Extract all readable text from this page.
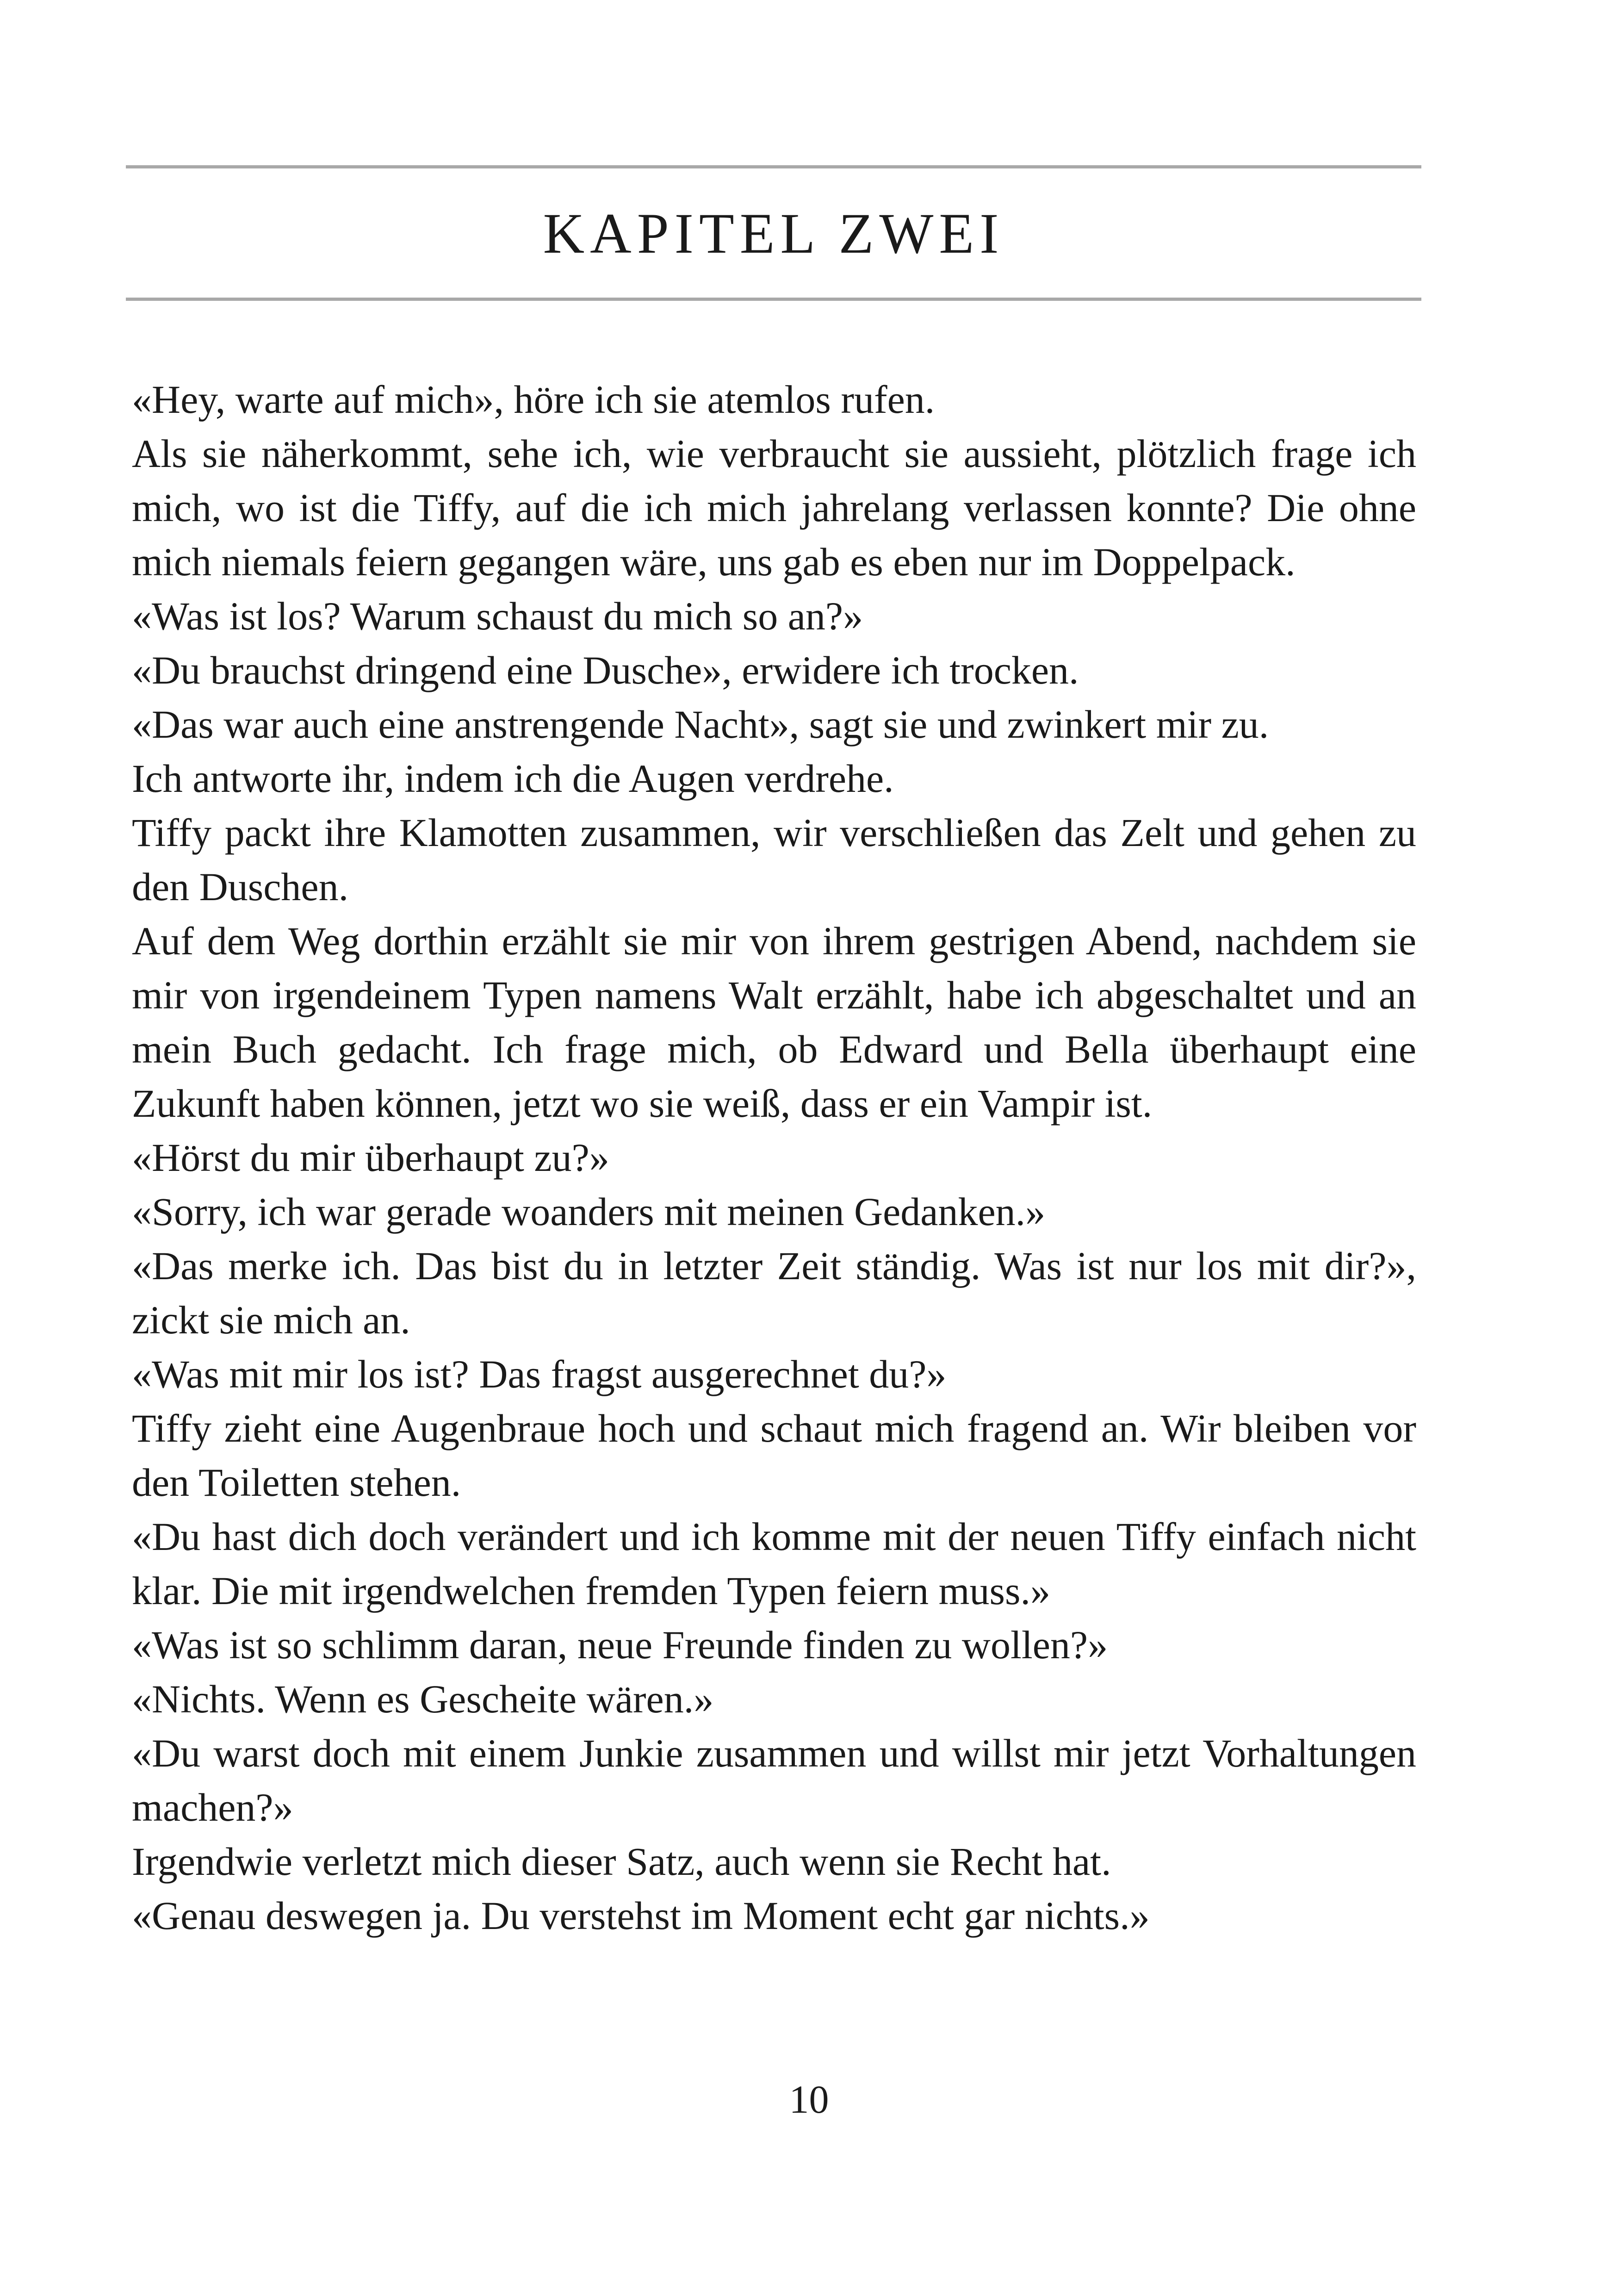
KAPITEL ZWEI

«Hey, warte auf mich», höre ich sie atemlos rufen.

Als sie näherkommt, sehe ich, wie verbraucht sie aussieht, plötzlich frage ich mich, wo ist die Tiffy, auf die ich mich jahrelang verlassen konnte? Die ohne mich niemals feiern gegangen wäre, uns gab es eben nur im Doppelpack.

«Was ist los? Warum schaust du mich so an?»

«Du brauchst dringend eine Dusche», erwidere ich trocken.

«Das war auch eine anstrengende Nacht», sagt sie und zwinkert mir zu.

Ich antworte ihr, indem ich die Augen verdrehe.

Tiffy packt ihre Klamotten zusammen, wir verschließen das Zelt und gehen zu den Duschen.

Auf dem Weg dorthin erzählt sie mir von ihrem gestrigen Abend, nachdem sie mir von irgendeinem Typen namens Walt erzählt, habe ich abgeschaltet und an mein Buch gedacht. Ich frage mich, ob Edward und Bella überhaupt eine Zukunft haben können, jetzt wo sie weiß, dass er ein Vampir ist.

«Hörst du mir überhaupt zu?»

«Sorry, ich war gerade woanders mit meinen Gedanken.»

«Das merke ich. Das bist du in letzter Zeit ständig. Was ist nur los mit dir?», zickt sie mich an.

«Was mit mir los ist? Das fragst ausgerechnet du?»

Tiffy zieht eine Augenbraue hoch und schaut mich fragend an. Wir bleiben vor den Toiletten stehen.

«Du hast dich doch verändert und ich komme mit der neuen Tiffy einfach nicht klar. Die mit irgendwelchen fremden Typen feiern muss.»

«Was ist so schlimm daran, neue Freunde finden zu wollen?»

«Nichts. Wenn es Gescheite wären.»

«Du warst doch mit einem Junkie zusammen und willst mir jetzt Vorhaltungen machen?»

Irgendwie verletzt mich dieser Satz, auch wenn sie Recht hat.

«Genau deswegen ja. Du verstehst im Moment echt gar nichts.»

10
